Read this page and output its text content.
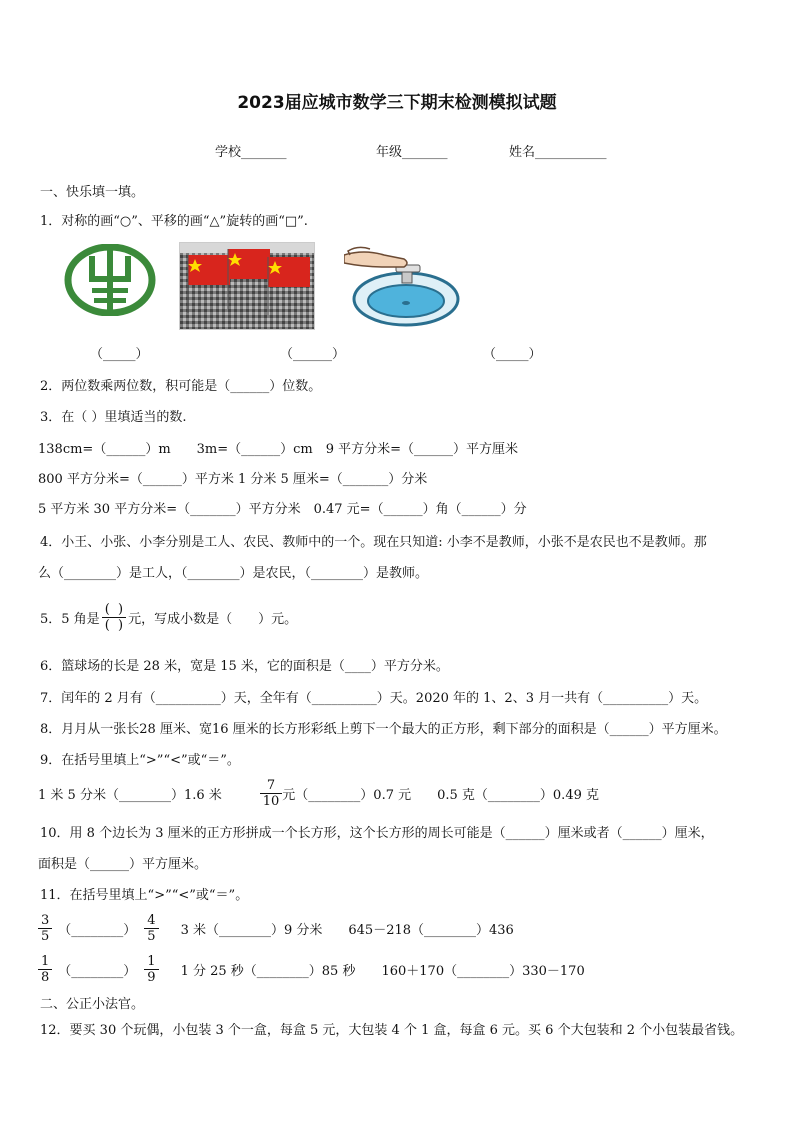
2023届应城市数学三下期末检测模拟试题
学校_______	年级_______	姓名___________
一、快乐填一填。
1．对称的画“○”、平移的画“△”旋转的画“□”.
（_____）	（______）	（_____）
2．两位数乘两位数，积可能是（______）位数。
3．在（ ）里填适当的数.
138cm=（______）m　　3m=（______）cm　9 平方分米=（______）平方厘米
800 平方分米=（______）平方米 1 分米 5 厘米=（_______）分米
5 平方米 30 平方分米=（_______）平方分米　0.47 元=（______）角（______）分
4．小王、小张、小李分别是工人、农民、教师中的一个。现在只知道: 小李不是教师，小张不是农民也不是教师。那
么（________）是工人，（________）是农民，（________）是教师。
5．5 角是 $\frac{( )}{( )}$ 元，写成小数是（　　）元。
6．篮球场的长是 28 米，宽是 15 米，它的面积是（____）平方分米。
7．闰年的 2 月有（__________）天，全年有（__________）天。2020 年的 1、2、3 月一共有（__________）天。
8．月月从一张长28 厘米、宽16 厘米的长方形彩纸上剪下一个最大的正方形，剩下部分的面积是（______）平方厘米。
9．在括号里填上“>”“<”或“＝”。
1 米 5 分米（________）1.6 米	$\frac{7}{10}$ 元（________）0.7 元　　0.5 克（________）0.49 克
10．用 8 个边长为 3 厘米的正方形拼成一个长方形，这个长方形的周长可能是（______）厘米或者（______）厘米，
面积是（______）平方厘米。
11．在括号里填上“>”“<”或“＝”。
$\frac{3}{5}$ （________） $\frac{4}{5} 3$ 米（________）9 分米　　645－218（________）436
$\frac{1}{8}$ （________） $\frac{1}{9} 1$ 分 25 秒（________）85 秒　　160＋170（________）330－170
二、公正小法官。
12．要买 30 个玩偶，小包装 3 个一盒，每盒 5 元，大包装 4 个 1 盒，每盒 6 元。买 6 个大包装和 2 个小包装最省钱。
